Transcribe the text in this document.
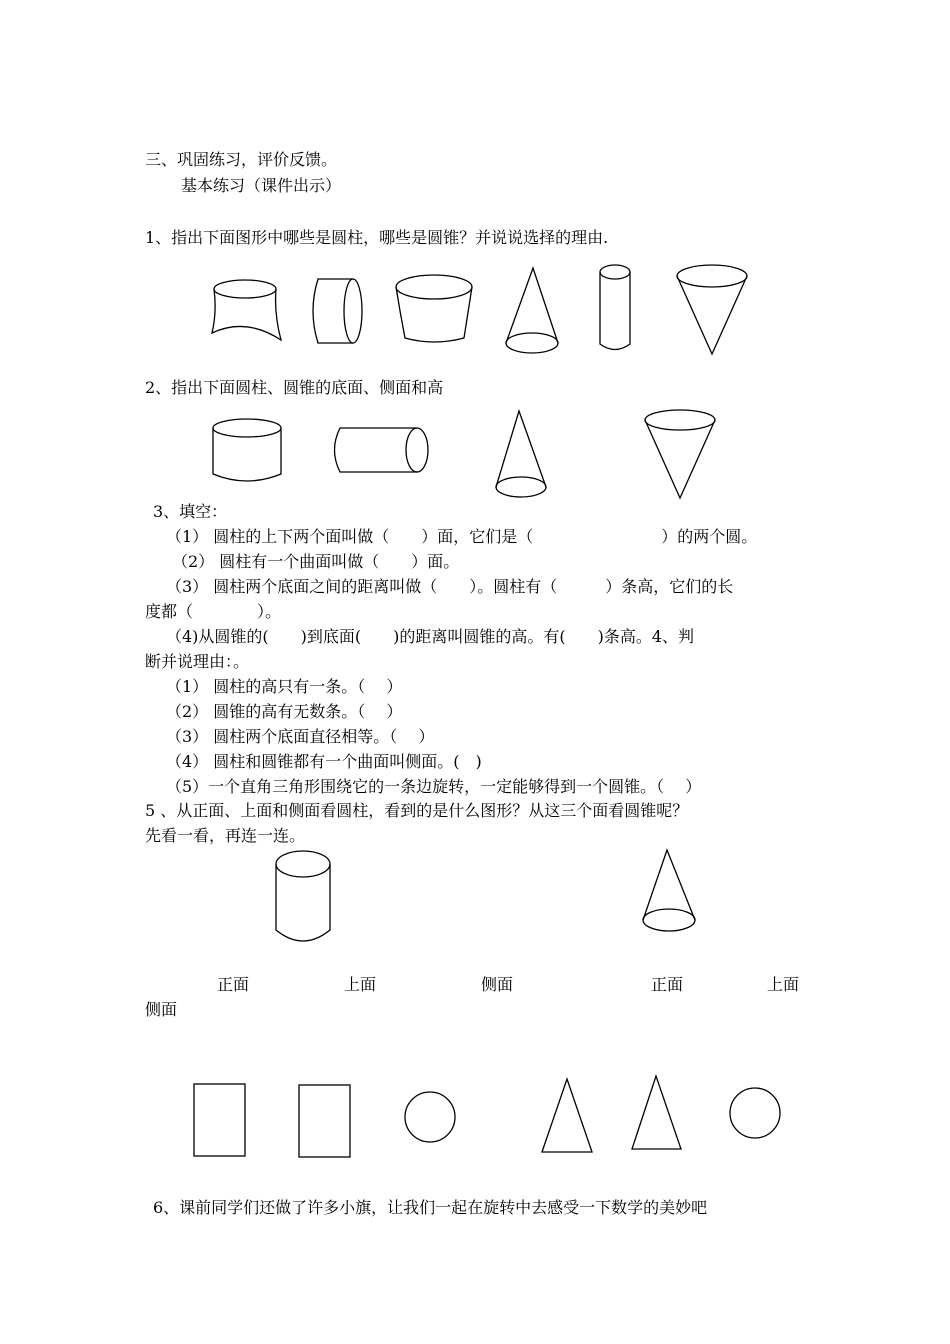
三、巩固练习，评价反馈。
基本练习（课件出示）
1、指出下面图形中哪些是圆柱，哪些是圆锥？并说说选择的理由.
2、指出下面圆柱、圆锥的底面、侧面和高
3、填空：
（1） 圆柱的上下两个面叫做（　　）面，它们是（　　　　　　　　）的两个圆。
（2） 圆柱有一个曲面叫做（　　）面。
（3） 圆柱两个底面之间的距离叫做（　　）。圆柱有（　　　）条高，它们的长
度都（　　　　）。
（4)从圆锥的(　　)到底面(　　)的距离叫圆锥的高。有(　　)条高。4、判
断并说理由：。
（1） 圆柱的高只有一条。（　 ）
（2） 圆锥的高有无数条。（　 ）
（3） 圆柱两个底面直径相等。（　 ）
（4） 圆柱和圆锥都有一个曲面叫侧面。(　)
（5）一个直角三角形围绕它的一条边旋转，一定能够得到一个圆锥。（　 ）
5 、从正面、上面和侧面看圆柱，看到的是什么图形？从这三个面看圆锥呢？
先看一看，再连一连。
正面	上面	侧面	正面	上面
侧面
6、课前同学们还做了许多小旗，让我们一起在旋转中去感受一下数学的美妙吧
